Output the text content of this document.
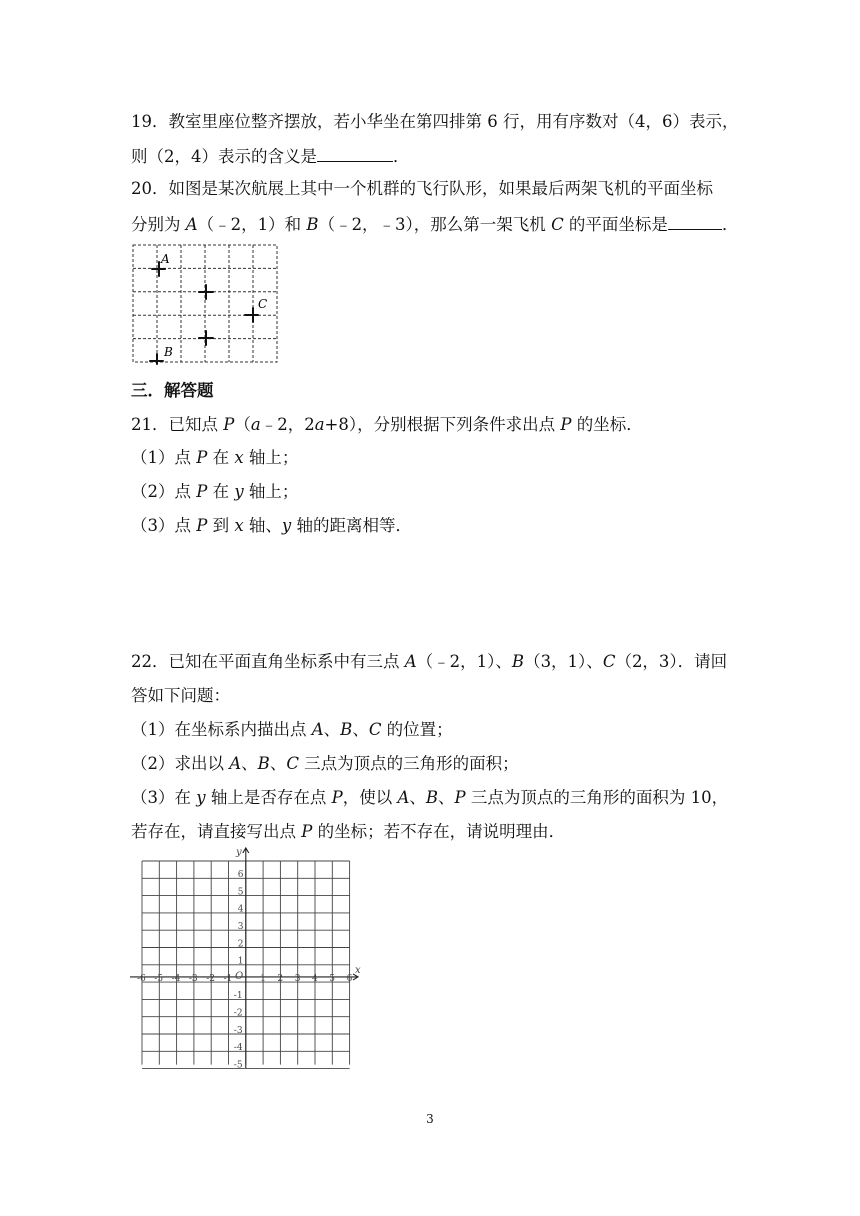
19．教室里座位整齐摆放，若小华坐在第四排第 6 行，用有序数对（4，6）表示，

则（2，4）表示的含义是	．

20．如图是某次航展上其中一个机群的飞行队形，如果最后两架飞机的平面坐标

分别为 A（﹣2，1）和 B（﹣2，﹣3），那么第一架飞机 C 的平面坐标是	．

A
C
B

三．解答题

21．已知点 P（a﹣2，2a+8），分别根据下列条件求出点 P 的坐标．

（1）点 P 在 x 轴上；

（2）点 P 在 y 轴上；

（3）点 P 到 x 轴、y 轴的距离相等．

22．已知在平面直角坐标系中有三点 A（﹣2，1）、B（3，1）、C（2，3）．请回

答如下问题：

（1）在坐标系内描出点 A、B、C 的位置；

（2）求出以 A、B、C 三点为顶点的三角形的面积；

（3）在 y 轴上是否存在点 P，使以 A、B、P 三点为顶点的三角形的面积为 10，

若存在，请直接写出点 P 的坐标；若不存在，请说明理由．

-6 -5 -4 -3 -2 -1	1 2 3 4 5 6
6
5
4
3
2
1
-1
-2
-3
-4
-5
x
y
O
3
